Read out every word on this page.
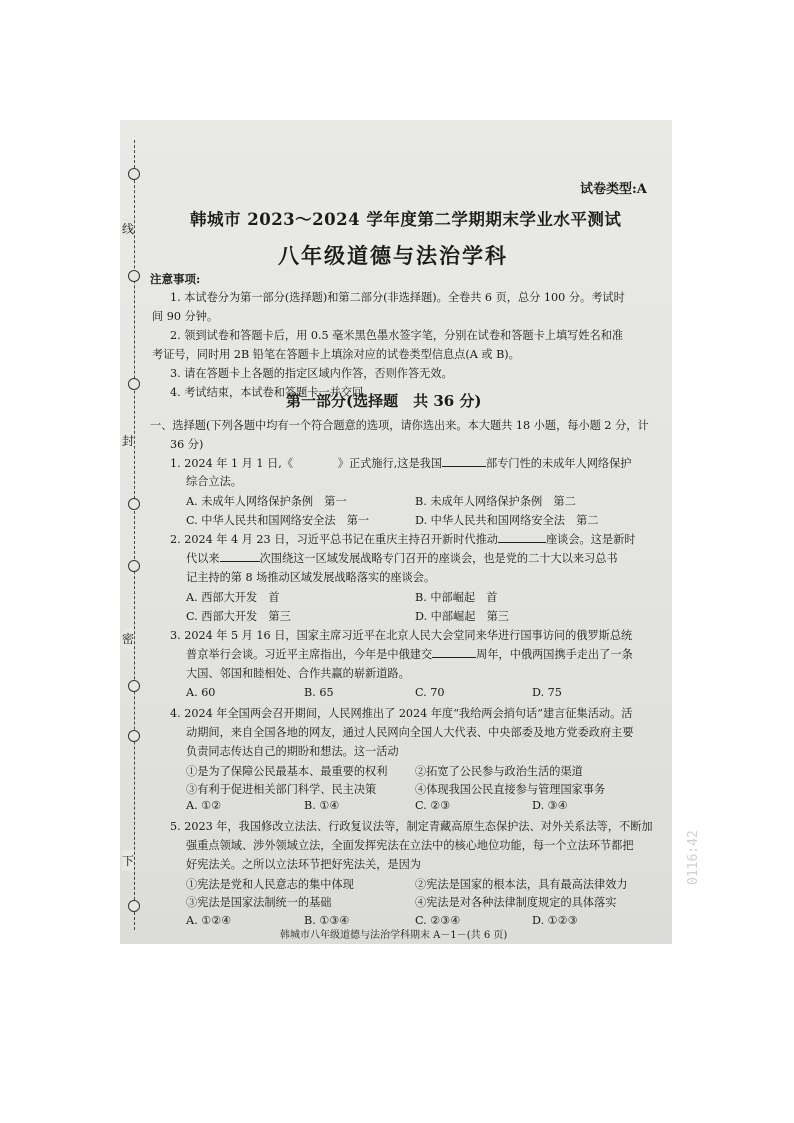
线
封
密
下
试卷类型:A
韩城市 2023～2024 学年度第二学期期末学业水平测试
八年级道德与法治学科
注意事项:
1. 本试卷分为第一部分(选择题)和第二部分(非选择题)。全卷共 6 页，总分 100 分。考试时
间 90 分钟。
2. 领到试卷和答题卡后，用 0.5 毫米黑色墨水签字笔，分别在试卷和答题卡上填写姓名和准
考证号，同时用 2B 铅笔在答题卡上填涂对应的试卷类型信息点(A 或 B)。
3. 请在答题卡上各题的指定区域内作答，否则作答无效。
4. 考试结束，本试卷和答题卡一并交回。
第一部分(选择题　共 36 分)
一、选择题(下列各题中均有一个符合题意的选项，请你选出来。本大题共 18 小题，每小题 2 分，计
36 分)
1. 2024 年 1 月 1 日,《　　　　》正式施行,这是我国	部专门性的未成年人网络保护
综合立法。
A. 未成年人网络保护条例　第一	B. 未成年人网络保护条例　第二
C. 中华人民共和国网络安全法　第一	D. 中华人民共和国网络安全法　第二
2. 2024 年 4 月 23 日，习近平总书记在重庆主持召开新时代推动	座谈会。这是新时
代以来	次围绕这一区域发展战略专门召开的座谈会，也是党的二十大以来习总书
记主持的第 8 场推动区域发展战略落实的座谈会。
A. 西部大开发　首	B. 中部崛起　首
C. 西部大开发　第三	D. 中部崛起　第三
3. 2024 年 5 月 16 日，国家主席习近平在北京人民大会堂同来华进行国事访问的俄罗斯总统
普京举行会谈。习近平主席指出，今年是中俄建交	周年，中俄两国携手走出了一条
大国、邻国和睦相处、合作共赢的崭新道路。
A. 60	B. 65	C. 70	D. 75
4. 2024 年全国两会召开期间，人民网推出了 2024 年度“我给两会捎句话”建言征集活动。活
动期间，来自全国各地的网友，通过人民网向全国人大代表、中央部委及地方党委政府主要
负责同志传达自己的期盼和想法。这一活动
①是为了保障公民最基本、最重要的权利 ②拓宽了公民参与政治生活的渠道
③有利于促进相关部门科学、民主决策	④体现我国公民直接参与管理国家事务
A. ①②	B. ①④	C. ②③	D. ③④
5. 2023 年，我国修改立法法、行政复议法等，制定青藏高原生态保护法、对外关系法等，不断加
强重点领域、涉外领域立法，全面发挥宪法在立法中的核心地位功能，每一个立法环节都把
好宪法关。之所以立法环节把好宪法关，是因为
①宪法是党和人民意志的集中体现	②宪法是国家的根本法，具有最高法律效力
③宪法是国家法制统一的基础	④宪法是对各种法律制度规定的具体落实
韩城市八年级道德与法治学科期末 A－1－(共 6 页)
A. ①②④	B. ①③④	C. ②③④	D. ①②③
0116:42
